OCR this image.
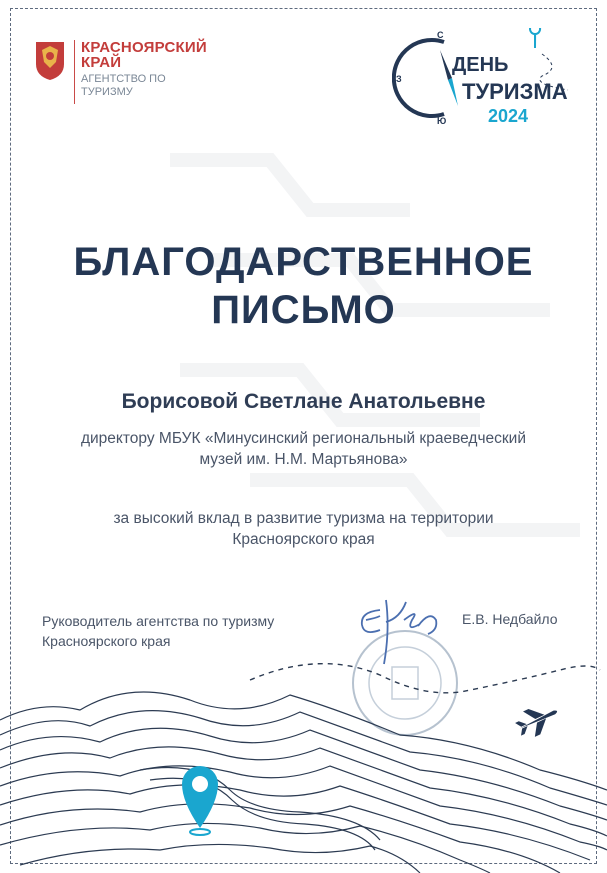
КРАСНОЯРСКИЙ КРАЙ
АГЕНТСТВО ПО ТУРИЗМУ
С
З
Ю
ДЕНЬ
ТУРИЗМА
2024
БЛАГОДАРСТВЕННОЕ
ПИСЬМО
Борисовой Светлане Анатольевне
директору МБУК «Минусинский региональный краеведческий музей им. Н.М. Мартьянова»
за высокий вклад в развитие туризма на территории Красноярского края
Руководитель агентства по туризму Красноярского края
Е.В. Недбайло
